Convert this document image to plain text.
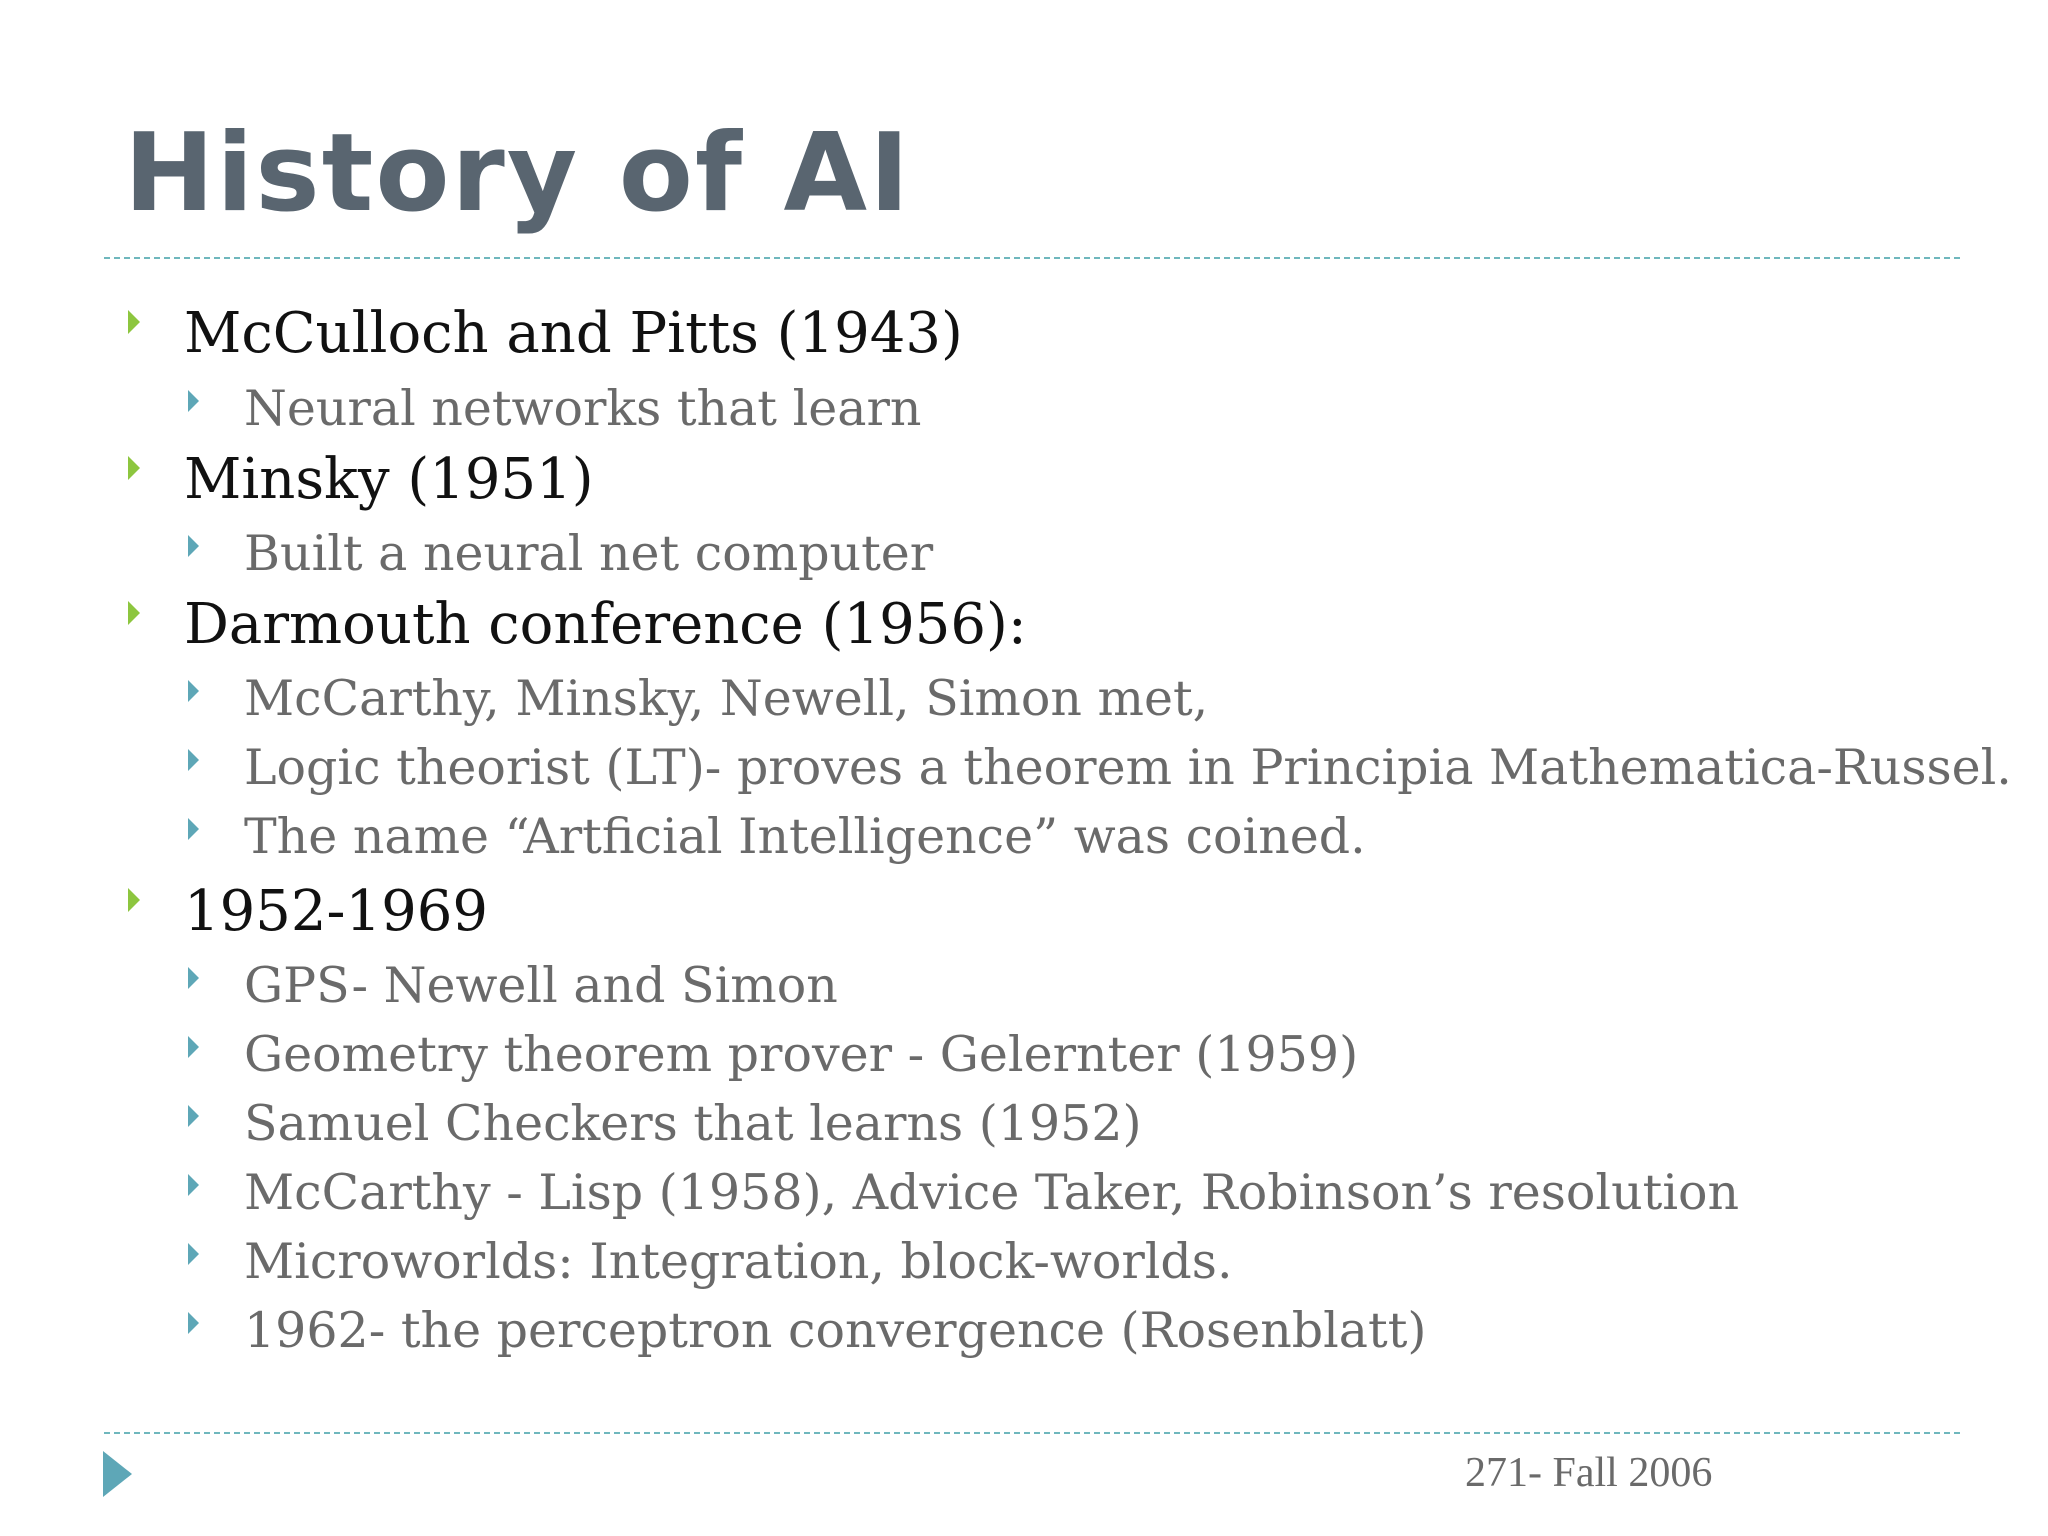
History of AI
McCulloch and Pitts (1943)
Neural networks that learn
Minsky (1951)
Built a neural net computer
Darmouth conference (1956):
McCarthy, Minsky, Newell, Simon met,
Logic theorist (LT)- proves a theorem in Principia Mathematica-Russel.
The name “Artficial Intelligence” was coined.
1952-1969
GPS- Newell and Simon
Geometry theorem prover - Gelernter (1959)
Samuel Checkers that learns (1952)
McCarthy - Lisp (1958), Advice Taker, Robinson’s resolution
Microworlds: Integration, block-worlds.
1962- the perceptron convergence (Rosenblatt)
271- Fall 2006
